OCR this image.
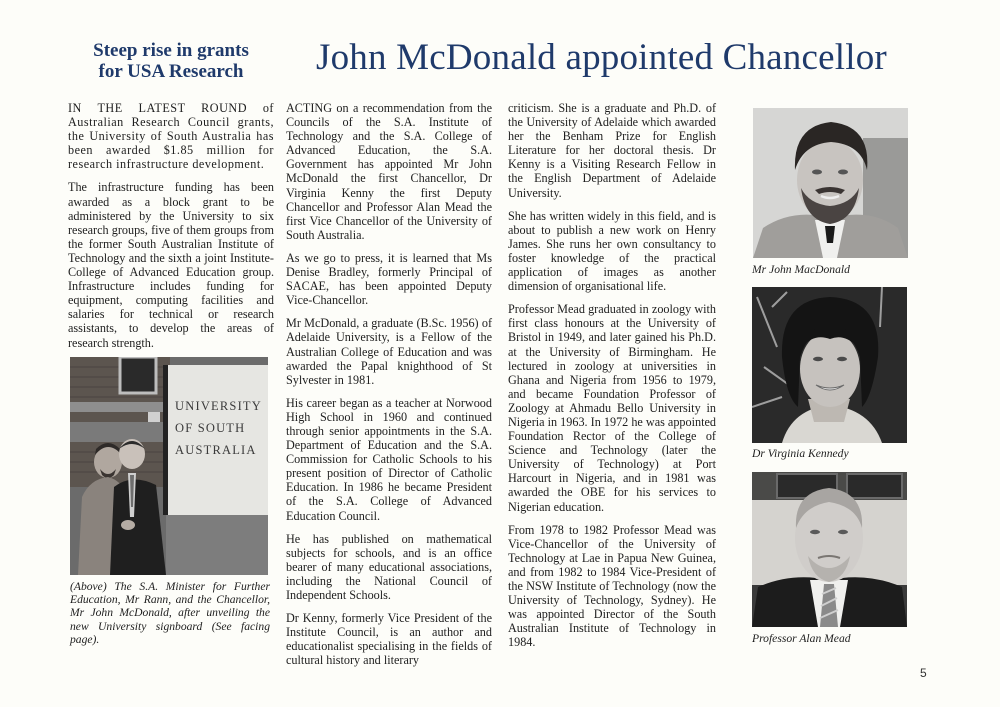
Steep rise in grants
for USA Research	John McDonald appointed Chancellor

IN THE LATEST ROUND of Australian Research Council grants, the University of South Australia has been awarded $1.85 million for research infrastructure development.

The infrastructure funding has been awarded as a block grant to be administered by the University to six research groups, five of them groups from the former South Australian Institute of Technology and the sixth a joint Institute-College of Advanced Education group. Infrastructure includes funding for equipment, computing facilities and salaries for technical or research assistants, to develop the areas of research strength.

UNIVERSITY
OF SOUTH
AUSTRALIA
(Above) The S.A. Minister for Further Education, Mr Rann, and the Chancellor, Mr John McDonald, after unveiling the new University signboard (See facing page).

ACTING on a recommendation from the Councils of the S.A. Institute of Technology and the S.A. College of Advanced Education, the S.A. Government has appointed Mr John McDonald the first Chancellor, Dr Virginia Kenny the first Deputy Chancellor and Professor Alan Mead the first Vice Chancellor of the University of South Australia.

As we go to press, it is learned that Ms Denise Bradley, formerly Principal of SACAE, has been appointed Deputy Vice-Chancellor.

Mr McDonald, a graduate (B.Sc. 1956) of Adelaide University, is a Fellow of the Australian College of Education and was awarded the Papal knighthood of St Sylvester in 1981.

His career began as a teacher at Norwood High School in 1960 and continued through senior appointments in the S.A. Department of Education and the S.A. Commission for Catholic Schools to his present position of Director of Catholic Education. In 1986 he became President of the S.A. College of Advanced Education Council.

He has published on mathematical subjects for schools, and is an office bearer of many educational associations, including the National Council of Independent Schools.

Dr Kenny, formerly Vice President of the Institute Council, is an author and educationalist specialising in the fields of cultural history and literary

criticism. She is a graduate and Ph.D. of the University of Adelaide which awarded her the Benham Prize for English Literature for her doctoral thesis. Dr Kenny is a Visiting Research Fellow in the English Department of Adelaide University.

She has written widely in this field, and is about to publish a new work on Henry James. She runs her own consultancy to foster knowledge of the practical application of images as another dimension of organisational life.

Professor Mead graduated in zoology with first class honours at the University of Bristol in 1949, and later gained his Ph.D. at the University of Birmingham. He lectured in zoology at universities in Ghana and Nigeria from 1956 to 1979, and became Foundation Professor of Zoology at Ahmadu Bello University in Nigeria in 1963. In 1972 he was appointed Foundation Rector of the College of Science and Technology (later the University of Technology) at Port Harcourt in Nigeria, and in 1981 was awarded the OBE for his services to Nigerian education.

From 1978 to 1982 Professor Mead was Vice-Chancellor of the University of Technology at Lae in Papua New Guinea, and from 1982 to 1984 Vice-President of the NSW Institute of Technology (now the University of Technology, Sydney). He was appointed Director of the South Australian Institute of Technology in 1984.

Mr John MacDonald
Dr Virginia Kennedy
Professor Alan Mead
5
